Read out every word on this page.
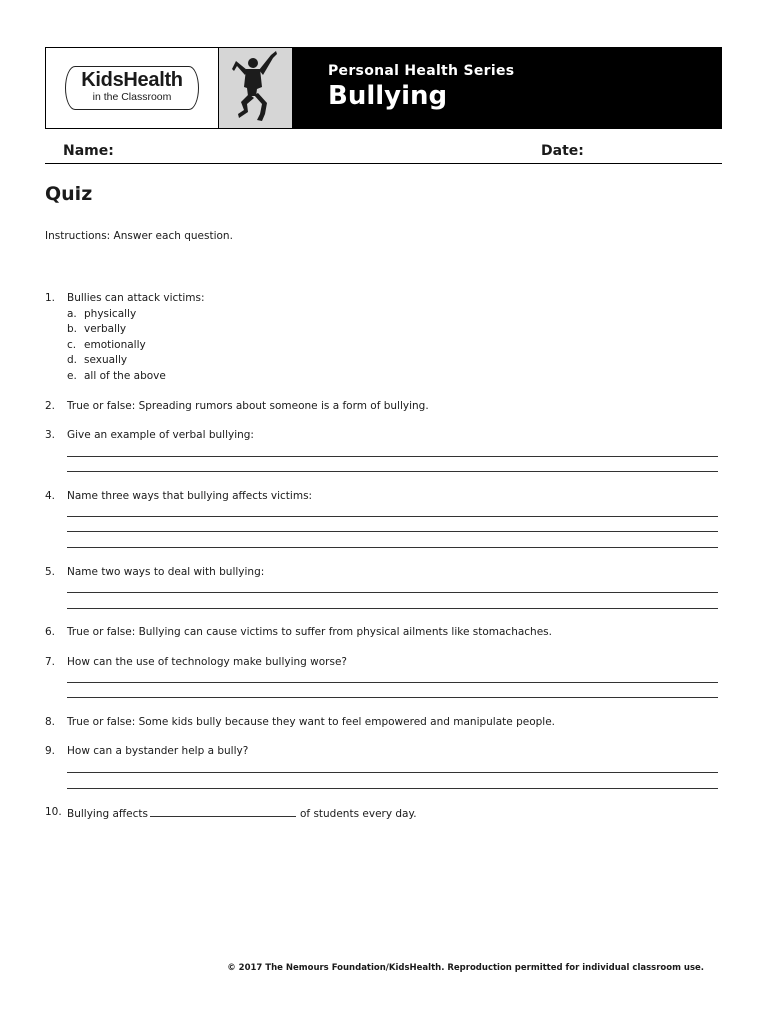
KidsHealth
in the Classroom
Personal Health Series
Bullying
Name:	Date:
Quiz
Instructions: Answer each question.
1. Bullies can attack victims:
a. physically
b. verbally
c. emotionally
d. sexually
e. all of the above
2. True or false: Spreading rumors about someone is a form of bullying.
3. Give an example of verbal bullying:
4. Name three ways that bullying affects victims:
5. Name two ways to deal with bullying:
6. True or false: Bullying can cause victims to suffer from physical ailments like stomachaches.
7. How can the use of technology make bullying worse?
8. True or false: Some kids bully because they want to feel empowered and manipulate people.
9. How can a bystander help a bully?
10. Bullying affects	of students every day.
© 2017 The Nemours Foundation/KidsHealth. Reproduction permitted for individual classroom use.
